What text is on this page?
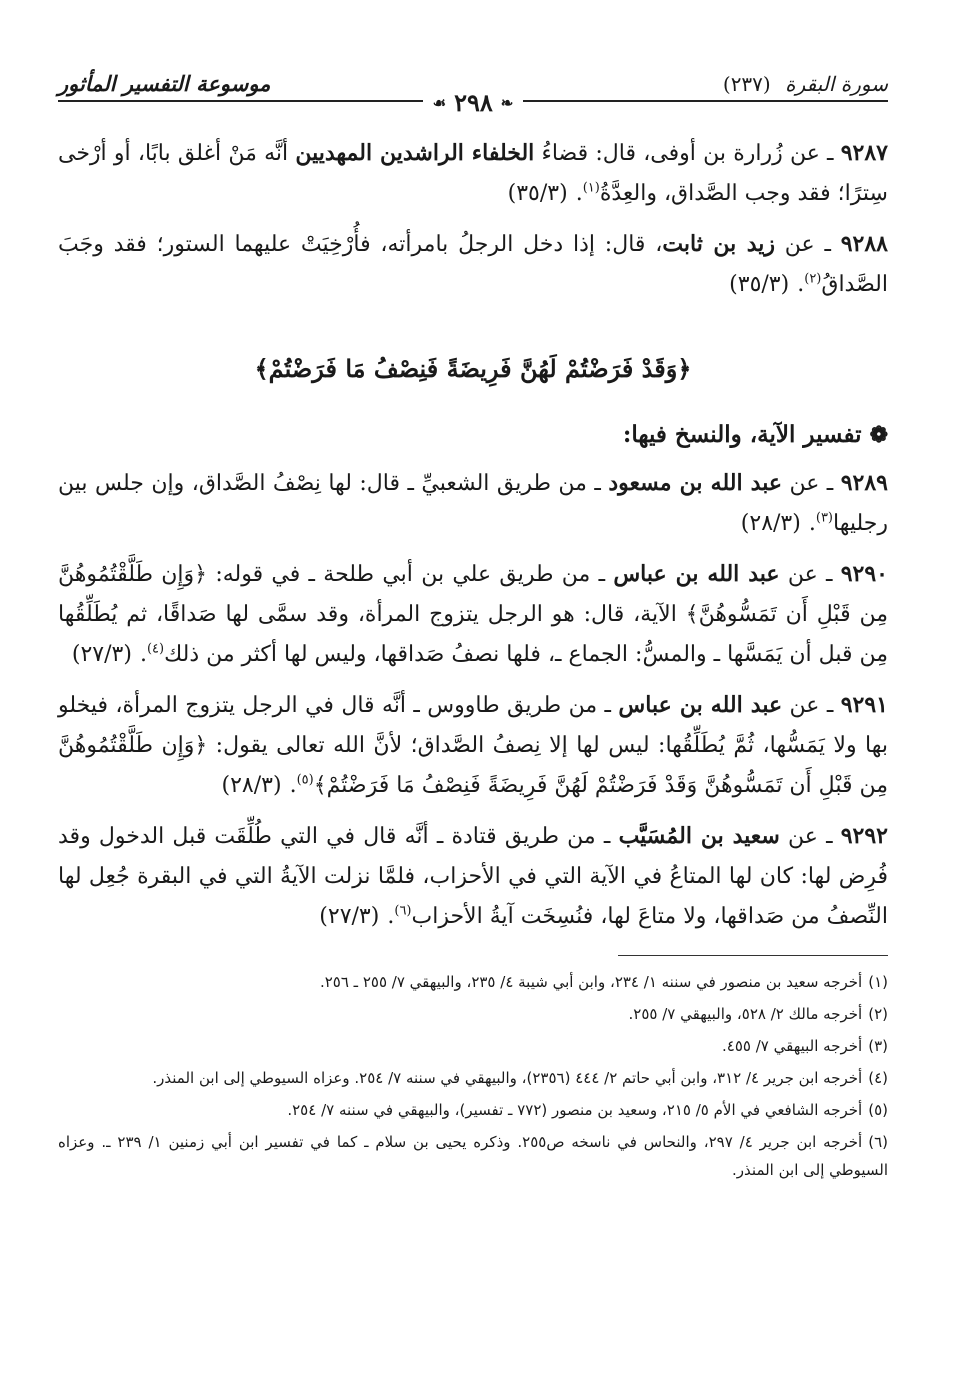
سورة البقرة (٢٣٧)
موسوعة التفسير المأثور
❧
٢٩٨
☙

٩٢٨٧ ـ عن زُرارة بن أوفى، قال: قضاءُ الخلفاء الراشدين المهديين أنَّه مَنْ أغلق بابًا، أو أرْخى سِترًا؛ فقد وجب الصَّداق، والعِدَّةُ$^{(١)}$.(٣٥/٣)

٩٢٨٨ ـ عن زيد بن ثابت، قال: إذا دخل الرجلُ بامرأته، فأُرْخِيَتْ عليهما الستور؛ فقد وجَبَ الصَّداقُ$^{(٢)}$.(٣٥/٣)

﴿وَقَدْ فَرَضْتُمْ لَهُنَّ فَرِيضَةً فَنِصْفُ مَا فَرَضْتُمْ﴾
❁
تفسير الآية، والنسخ فيها:

٩٢٨٩ ـ عن عبد الله بن مسعود ـ من طريق الشعبيِّ ـ قال: لها نِصْفُ الصَّداق، وإن جلس بين رجليها$^{(٣)}$.(٢٨/٣)

٩٢٩٠ ـ عن عبد الله بن عباس ـ من طريق علي بن أبي طلحة ـ في قوله: ﴿وَإِن طَلَّقْتُمُوهُنَّ مِن قَبْلِ أَن تَمَسُّوهُنَّ﴾ الآية، قال: هو الرجل يتزوج المرأة، وقد سمَّى لها صَداقًا، ثم يُطَلِّقُها مِن قبل أن يَمَسَّها ـ والمسُّ: الجماع ـ، فلها نصفُ صَداقها، وليس لها أكثر من ذلك$^{(٤)}$.(٢٧/٣)

٩٢٩١ ـ عن عبد الله بن عباس ـ من طريق طاووس ـ أنَّه قال في الرجل يتزوج المرأة، فيخلو بها ولا يَمَسُّها، ثُمَّ يُطَلِّقُها: ليس لها إلا نِصفُ الصَّداق؛ لأنَّ الله تعالى يقول: ﴿وَإِن طَلَّقْتُمُوهُنَّ مِن قَبْلِ أَن تَمَسُّوهُنَّ وَقَدْ فَرَضْتُمْ لَهُنَّ فَرِيضَةً فَنِصْفُ مَا فَرَضْتُمْ﴾$^{(٥)}$.(٢٨/٣)

٩٢٩٢ ـ عن سعيد بن المُسَيَّب ـ من طريق قتادة ـ أنَّه قال في التي طُلِّقَت قبل الدخول وقد فُرِض لها: كان لها المتاعُ في الآية التي في الأحزاب، فلمَّا نزلت الآيةُ التي في البقرة جُعِل لها النِّصفُ من صَداقها، ولا متاعَ لها، فنُسِخَت آيةُ الأحزاب$^{(٦)}$.(٢٧/٣)

(١)أخرجه سعيد بن منصور في سننه ١/ ٢٣٤، وابن أبي شيبة ٤/ ٢٣٥، والبيهقي ٧/ ٢٥٥ ـ ٢٥٦.

(٢)أخرجه مالك ٢/ ٥٢٨، والبيهقي ٧/ ٢٥٥.

(٣)أخرجه البيهقي ٧/ ٤٥٥.

(٤)أخرجه ابن جرير ٤/ ٣١٢، وابن أبي حاتم ٢/ ٤٤٤ (٢٣٥٦)، والبيهقي في سننه ٧/ ٢٥٤. وعزاه السيوطي إلى ابن المنذر.

(٥)أخرجه الشافعي في الأم ٥/ ٢١٥، وسعيد بن منصور (٧٧٢ ـ تفسير)، والبيهقي في سننه ٧/ ٢٥٤.

(٦)أخرجه ابن جرير ٤/ ٢٩٧، والنحاس في ناسخه ص٢٥٥. وذكره يحيى بن سلام ـ كما في تفسير ابن أبي زمنين ١/ ٢٣٩ ـ. وعزاه السيوطي إلى ابن المنذر.
